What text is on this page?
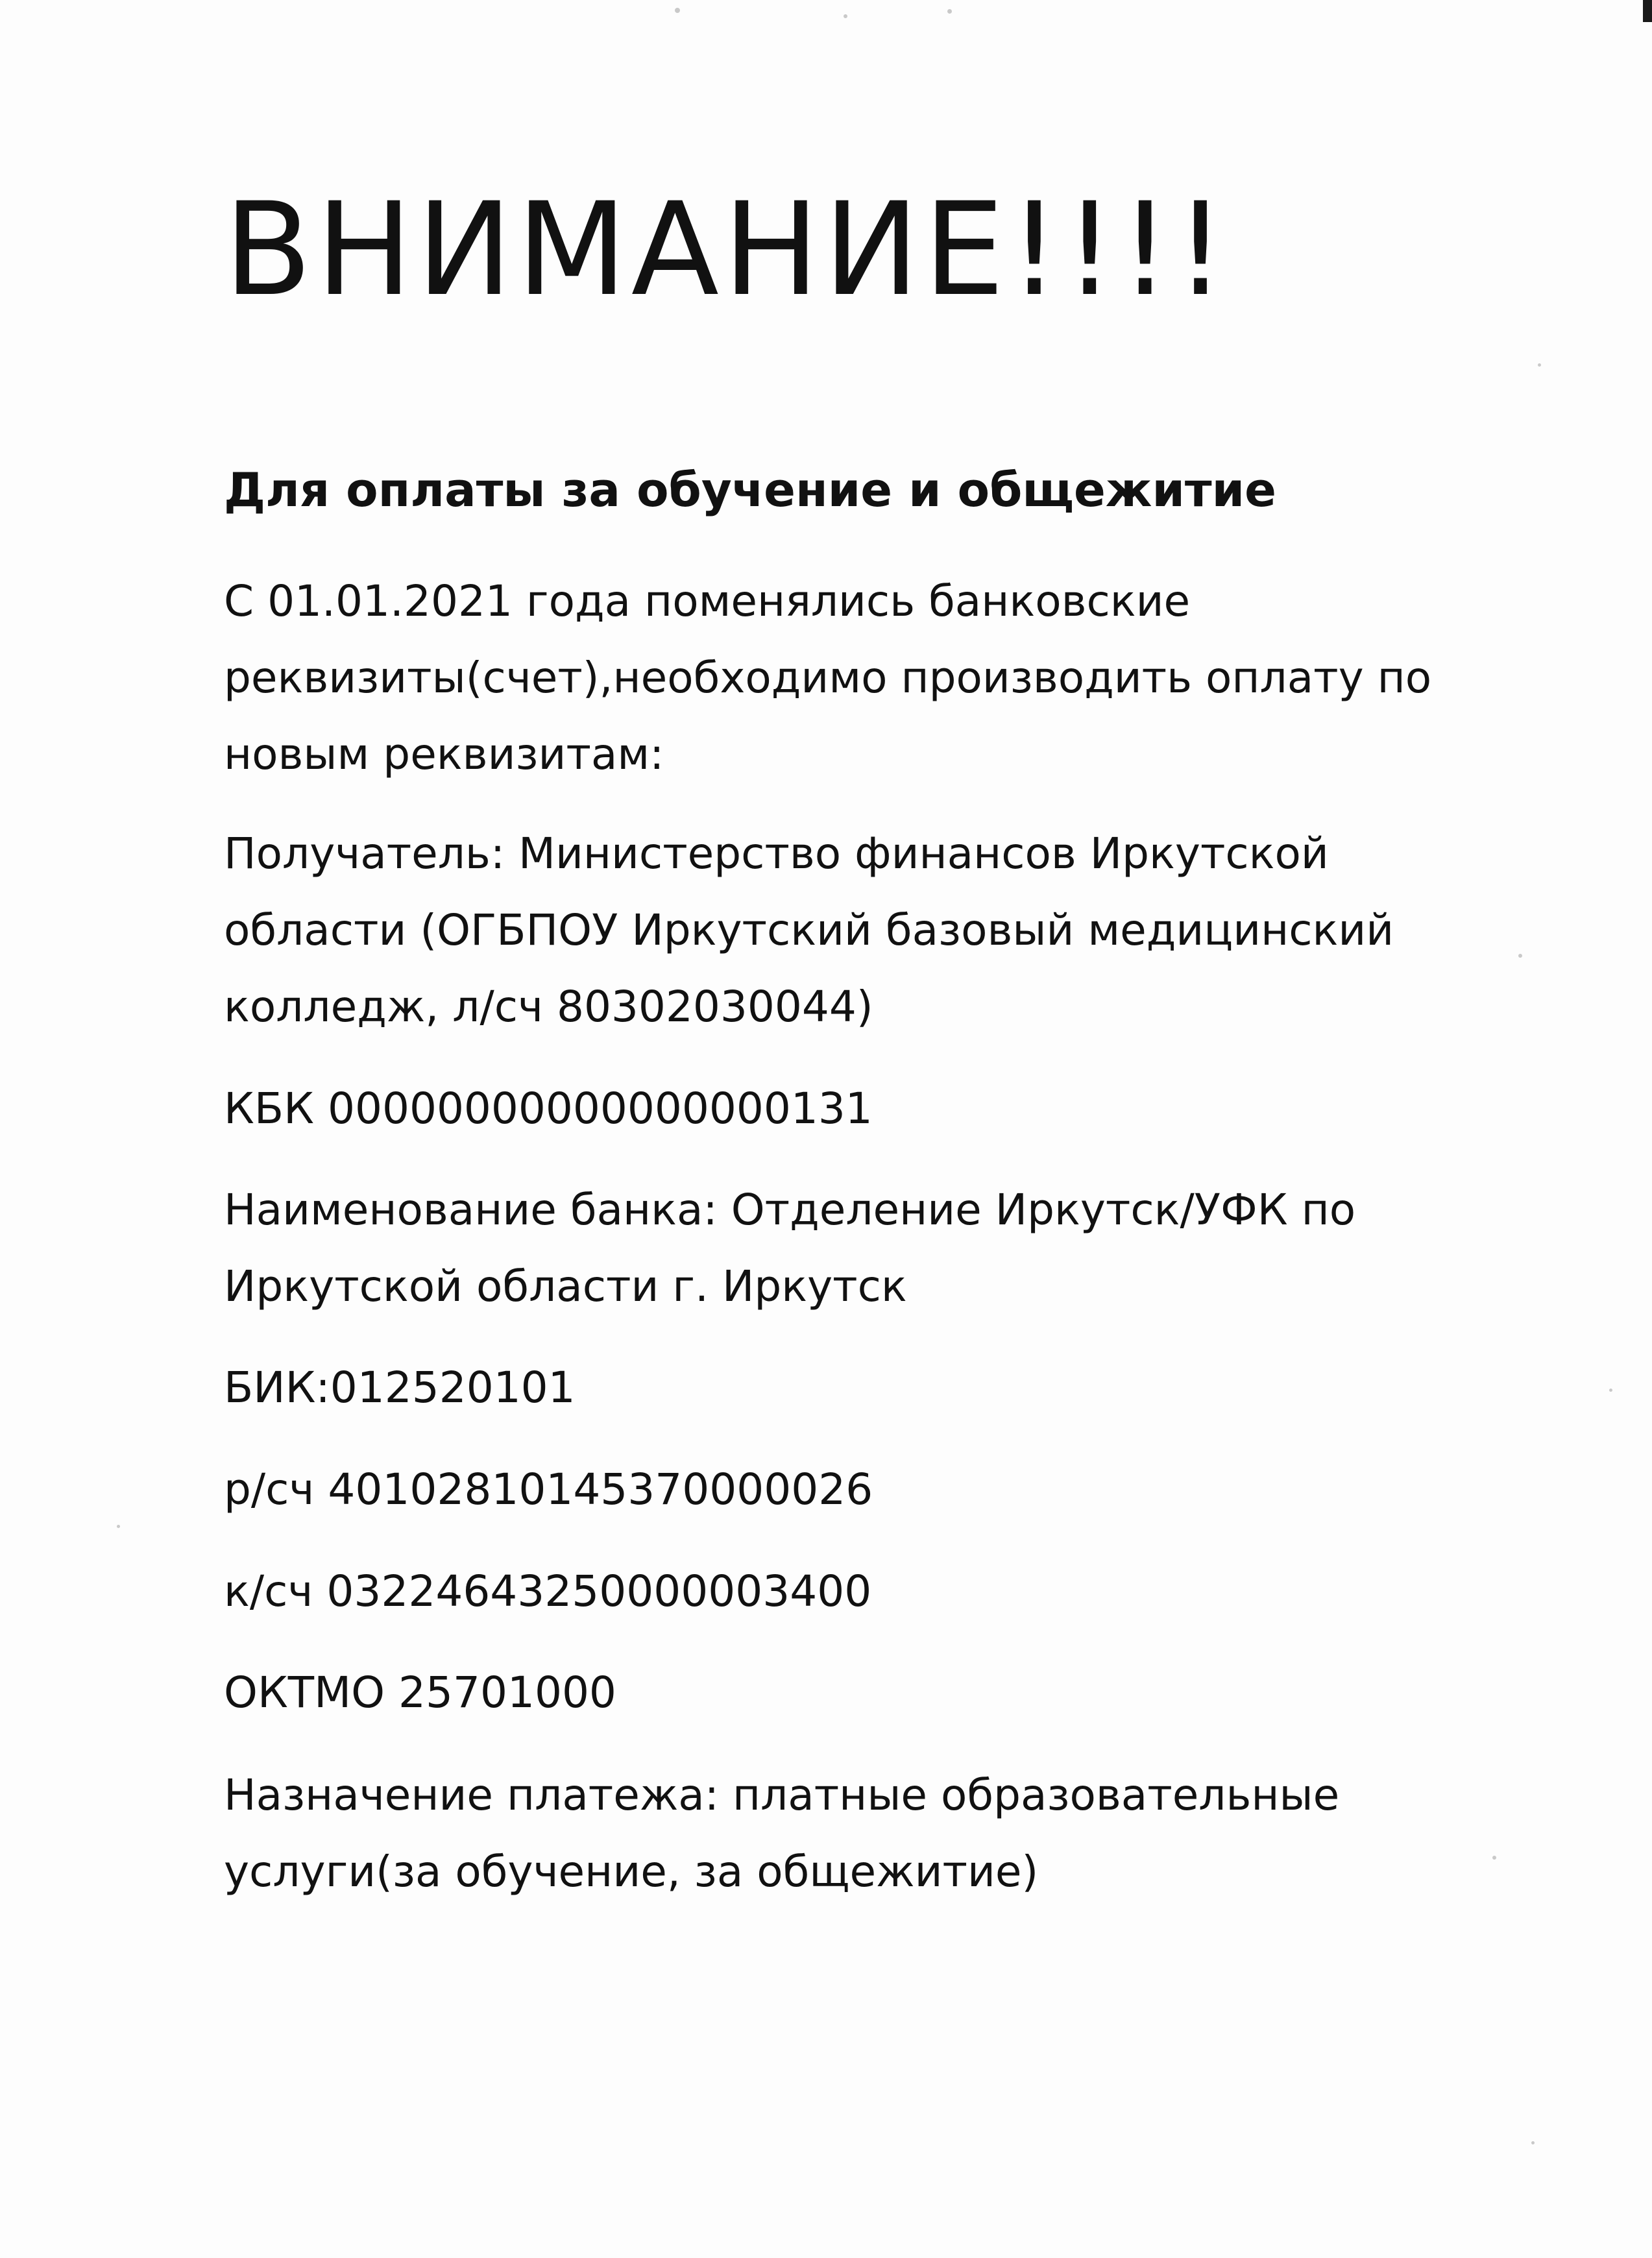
ВНИМАНИЕ!!!!
Для оплаты за обучение и общежитие
С 01.01.2021 года поменялись банковские
реквизиты(счет),необходимо производить оплату по
новым реквизитам:
Получатель: Министерство финансов Иркутской
области (ОГБПОУ Иркутский базовый медицинский
колледж, л/сч 80302030044)
КБК 00000000000000000131
Наименование банка: Отделение Иркутск/УФК по
Иркутской области г. Иркутск
БИК:012520101
р/сч 40102810145370000026
к/сч 03224643250000003400
ОКТМО 25701000
Назначение платежа: платные образовательные
услуги(за обучение, за общежитие)
